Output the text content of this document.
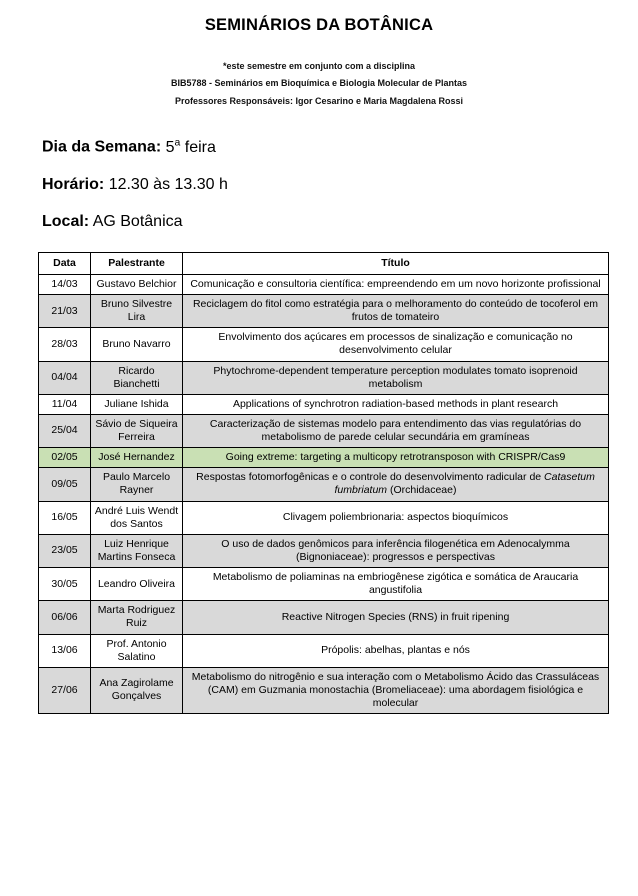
SEMINÁRIOS DA BOTÂNICA
*este semestre em conjunto com a disciplina
BIB5788 - Seminários em Bioquímica e Biologia Molecular de Plantas
Professores Responsáveis: Igor Cesarino e Maria Magdalena Rossi

Dia da Semana: 5$^a$ feira

Horário: 12.30 às 13.30 h

Local: AG Botânica

Data	Palestrante	Título
14/03	Gustavo Belchior	Comunicação e consultoria científica: empreendendo em um novo horizonte profissional
21/03	Bruno Silvestre Lira	Reciclagem do fitol como estratégia para o melhoramento do conteúdo de tocoferol em frutos de tomateiro
28/03	Bruno Navarro	Envolvimento dos açúcares em processos de sinalização e comunicação no desenvolvimento celular
04/04	Ricardo Bianchetti	Phytochrome-dependent temperature perception modulates tomato isoprenoid metabolism
11/04	Juliane Ishida	Applications of synchrotron radiation-based methods in plant research
25/04	Sávio de Siqueira Ferreira	Caracterização de sistemas modelo para entendimento das vias regulatórias do metabolismo de parede celular secundária em gramíneas
02/05	José Hernandez	Going extreme: targeting a multicopy retrotransposon with CRISPR/Cas9
09/05	Paulo Marcelo Rayner	Respostas fotomorfogênicas e o controle do desenvolvimento radicular de Catasetum fumbriatum (Orchidaceae)
16/05	André Luis Wendt dos Santos	Clivagem poliembrionaria: aspectos bioquímicos
23/05	Luiz Henrique Martins Fonseca	O uso de dados genômicos para inferência filogenética em Adenocalymma (Bignoniaceae): progressos e perspectivas
30/05	Leandro Oliveira	Metabolismo de poliaminas na embriogênese zigótica e somática de Araucaria angustifolia
06/06	Marta Rodriguez Ruiz	Reactive Nitrogen Species (RNS) in fruit ripening
13/06	Prof. Antonio Salatino	Própolis: abelhas, plantas e nós
27/06	Ana Zagirolame Gonçalves	Metabolismo do nitrogênio e sua interação com o Metabolismo Ácido das Crassuláceas (CAM) em Guzmania monostachia (Bromeliaceae): uma abordagem fisiológica e molecular
